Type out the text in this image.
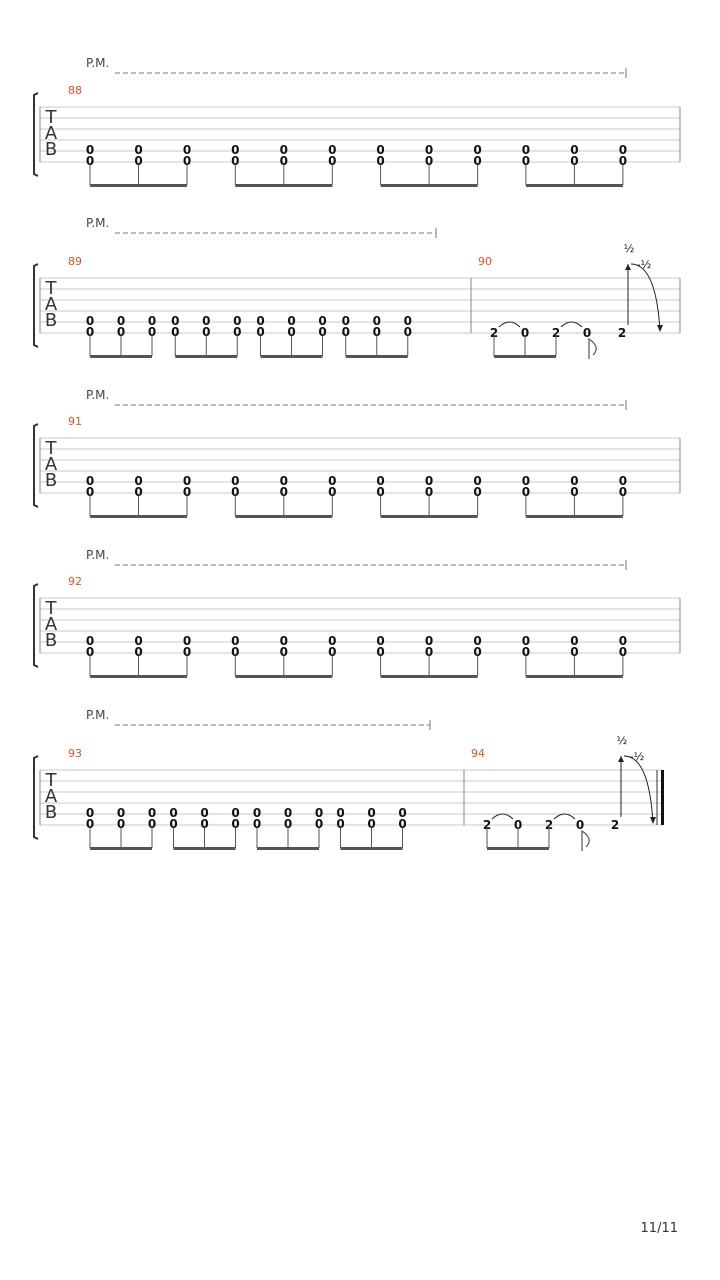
T
A
B
P.M.
88
0
0
0
0
0
0
0
0
0
0
0
0
0
0
0
0
0
0
0
0
0
0
0
0
T
A
B
P.M.
89
0
0
0
0
0
0
0
0
0
0
0
0
0
0
0
0
0
0
0
0
0
0
0
0
90
2 0 2 0 2
½
-½
T
A
B
P.M.
91
0
0
0
0
0
0
0
0
0
0
0
0
0
0
0
0
0
0
0
0
0
0
0
0
T
A
B
P.M.
92
0
0
0
0
0
0
0
0
0
0
0
0
0
0
0
0
0
0
0
0
0
0
0
0
T
A
B
P.M.
93
0
0
0
0
0
0
0
0
0
0
0
0
0
0
0
0
0
0
0
0
0
0
0
0
94
2 0 2 0 2
½
-½
11/11
